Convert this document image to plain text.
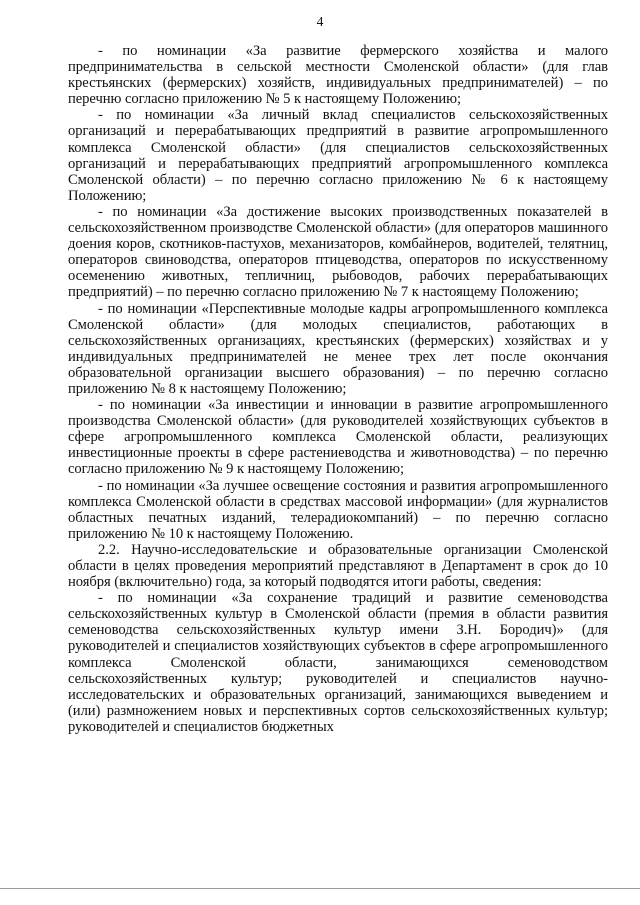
4

- по номинации «За развитие фермерского хозяйства и малого предпринимательства в сельской местности Смоленской области» (для глав крестьянских (фермерских) хозяйств, индивидуальных предпринимателей) – по перечню согласно приложению № 5 к настоящему Положению;

- по номинации «За личный вклад специалистов сельскохозяйственных организаций и перерабатывающих предприятий в развитие агропромышленного комплекса Смоленской области» (для специалистов сельскохозяйственных организаций и перерабатывающих предприятий агропромышленного комплекса Смоленской области) – по перечню согласно приложению № 6 к настоящему Положению;

- по номинации «За достижение высоких производственных показателей в сельскохозяйственном производстве Смоленской области» (для операторов машинного доения коров, скотников-пастухов, механизаторов, комбайнеров, водителей, телятниц, операторов свиноводства, операторов птицеводства, операторов по искусственному осеменению животных, тепличниц, рыбоводов, рабочих перерабатывающих предприятий) – по перечню согласно приложению № 7 к настоящему Положению;

- по номинации «Перспективные молодые кадры агропромышленного комплекса Смоленской области» (для молодых специалистов, работающих в сельскохозяйственных организациях, крестьянских (фермерских) хозяйствах и у индивидуальных предпринимателей не менее трех лет после окончания образовательной организации высшего образования) – по перечню согласно приложению № 8 к настоящему Положению;

- по номинации «За инвестиции и инновации в развитие агропромышленного производства Смоленской области» (для руководителей хозяйствующих субъектов в сфере агропромышленного комплекса Смоленской области, реализующих инвестиционные проекты в сфере растениеводства и животноводства) – по перечню согласно приложению № 9 к настоящему Положению;

- по номинации «За лучшее освещение состояния и развития агропромышленного комплекса Смоленской области в средствах массовой информации» (для журналистов областных печатных изданий, телерадиокомпаний) – по перечню согласно приложению № 10 к настоящему Положению.

2.2. Научно-исследовательские и образовательные организации Смоленской области в целях проведения мероприятий представляют в Департамент в срок до 10 ноября (включительно) года, за который подводятся итоги работы, сведения:

- по номинации «За сохранение традиций и развитие семеноводства сельскохозяйственных культур в Смоленской области (премия в области развития семеноводства сельскохозяйственных культур имени З.Н. Бородич)» (для руководителей и специалистов хозяйствующих субъектов в сфере агропромышленного комплекса Смоленской области, занимающихся семеноводством сельскохозяйственных культур; руководителей и специалистов научно-исследовательских и образовательных организаций, занимающихся выведением и (или) размножением новых и перспективных сортов сельскохозяйственных культур; руководителей и специалистов бюджетных
